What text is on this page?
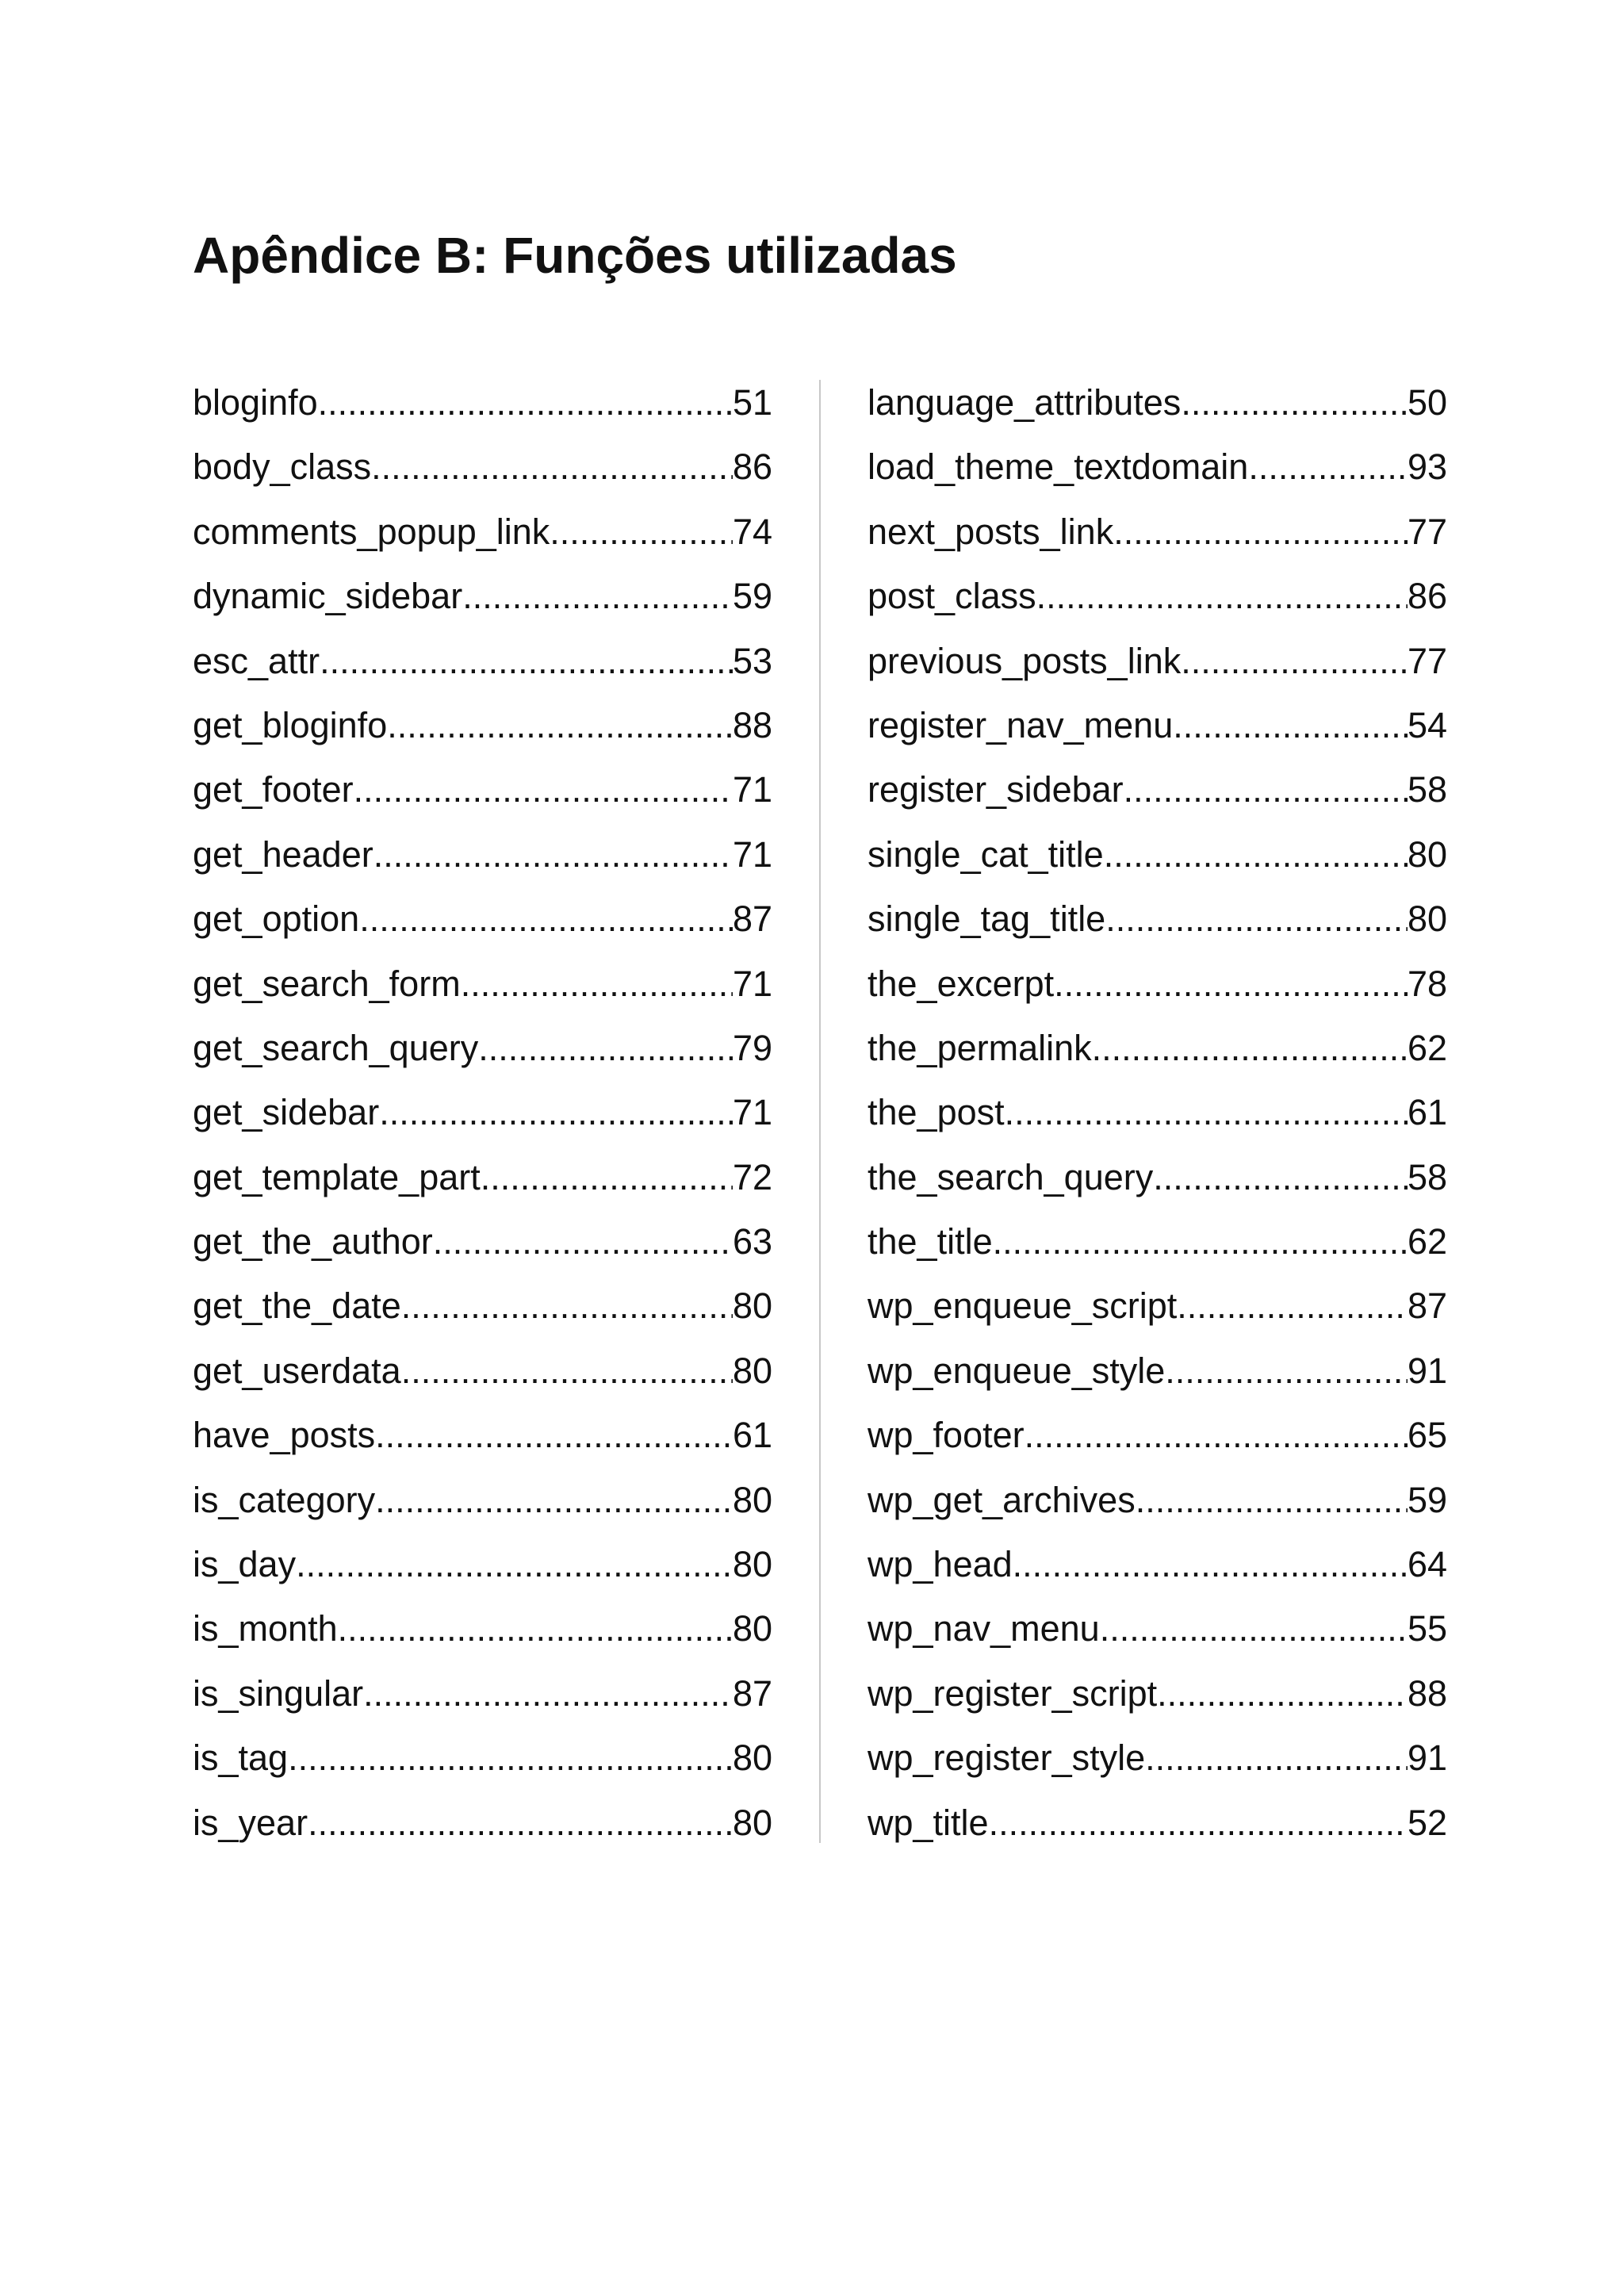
Apêndice B: Funções utilizadas
bloginfo .....	51
body_class .....	86
comments_popup_link .....	74
dynamic_sidebar .....	59
esc_attr .....	53
get_bloginfo .....	88
get_footer .....	71
get_header .....	71
get_option .....	87
get_search_form .....	71
get_search_query .....	79
get_sidebar .....	71
get_template_part .....	72
get_the_author .....	63
get_the_date .....	80
get_userdata .....	80
have_posts .....	61
is_category .....	80
is_day .....	80
is_month .....	80
is_singular .....	87
is_tag .....	80
is_year .....	80
language_attributes .....	50
load_theme_textdomain .....	93
next_posts_link .....	77
post_class .....	86
previous_posts_link .....	77
register_nav_menu .....	54
register_sidebar .....	58
single_cat_title .....	80
single_tag_title .....	80
the_excerpt .....	78
the_permalink .....	62
the_post .....	61
the_search_query .....	58
the_title .....	62
wp_enqueue_script .....	87
wp_enqueue_style .....	91
wp_footer .....	65
wp_get_archives .....	59
wp_head .....	64
wp_nav_menu .....	55
wp_register_script .....	88
wp_register_style .....	91
wp_title .....	52
